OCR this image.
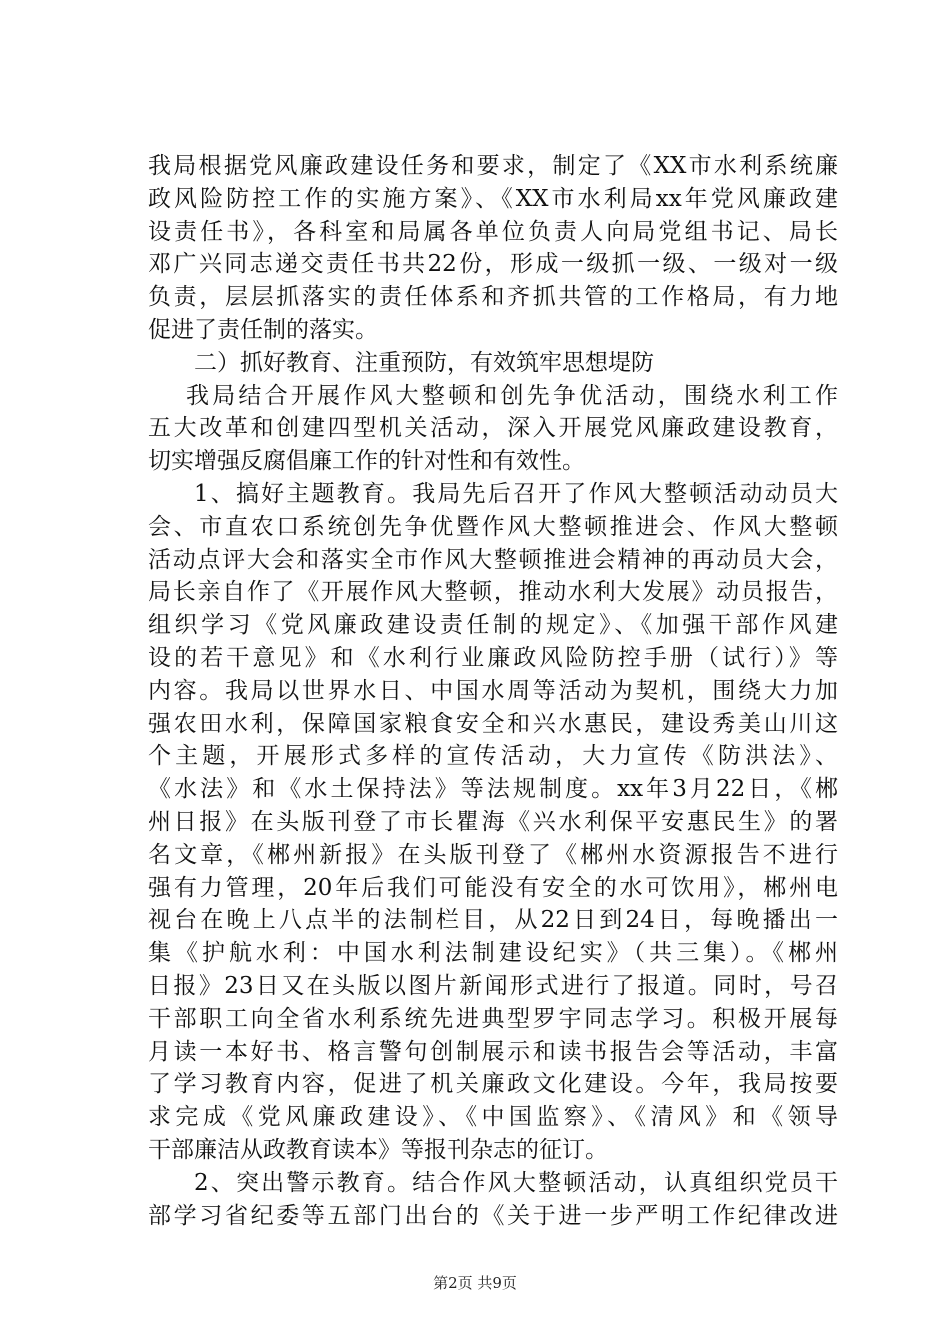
我局根据党风廉政建设任务和要求，制定了《XX市水利系统廉
政风险防控工作的实施方案》、《XX市水利局xx年党风廉政建
设责任书》，各科室和局属各单位负责人向局党组书记、局长
邓广兴同志递交责任书共22份，形成一级抓一级、一级对一级
负责，层层抓落实的责任体系和齐抓共管的工作格局，有力地
促进了责任制的落实。
二）抓好教育、注重预防，有效筑牢思想堤防
我局结合开展作风大整顿和创先争优活动，围绕水利工作
五大改革和创建四型机关活动，深入开展党风廉政建设教育，
切实增强反腐倡廉工作的针对性和有效性。
1、搞好主题教育。我局先后召开了作风大整顿活动动员大
会、市直农口系统创先争优暨作风大整顿推进会、作风大整顿
活动点评大会和落实全市作风大整顿推进会精神的再动员大会，
局长亲自作了《开展作风大整顿，推动水利大发展》动员报告，
组织学习《党风廉政建设责任制的规定》、《加强干部作风建
设的若干意见》和《水利行业廉政风险防控手册（试行）》等
内容。我局以世界水日、中国水周等活动为契机，围绕大力加
强农田水利，保障国家粮食安全和兴水惠民，建设秀美山川这
个主题，开展形式多样的宣传活动，大力宣传《防洪法》、
《水法》和《水土保持法》等法规制度。xx年3月22日，《郴
州日报》在头版刊登了市长瞿海《兴水利保平安惠民生》的署
名文章，《郴州新报》在头版刊登了《郴州水资源报告不进行
强有力管理，20年后我们可能没有安全的水可饮用》，郴州电
视台在晚上八点半的法制栏目，从22日到24日，每晚播出一
集《护航水利：中国水利法制建设纪实》（共三集）。《郴州
日报》23日又在头版以图片新闻形式进行了报道。同时，号召
干部职工向全省水利系统先进典型罗宇同志学习。积极开展每
月读一本好书、格言警句创制展示和读书报告会等活动，丰富
了学习教育内容，促进了机关廉政文化建设。今年，我局按要
求完成《党风廉政建设》、《中国监察》、《清风》和《领导
干部廉洁从政教育读本》等报刊杂志的征订。
2、突出警示教育。结合作风大整顿活动，认真组织党员干
部学习省纪委等五部门出台的《关于进一步严明工作纪律改进
第2页 共9页
